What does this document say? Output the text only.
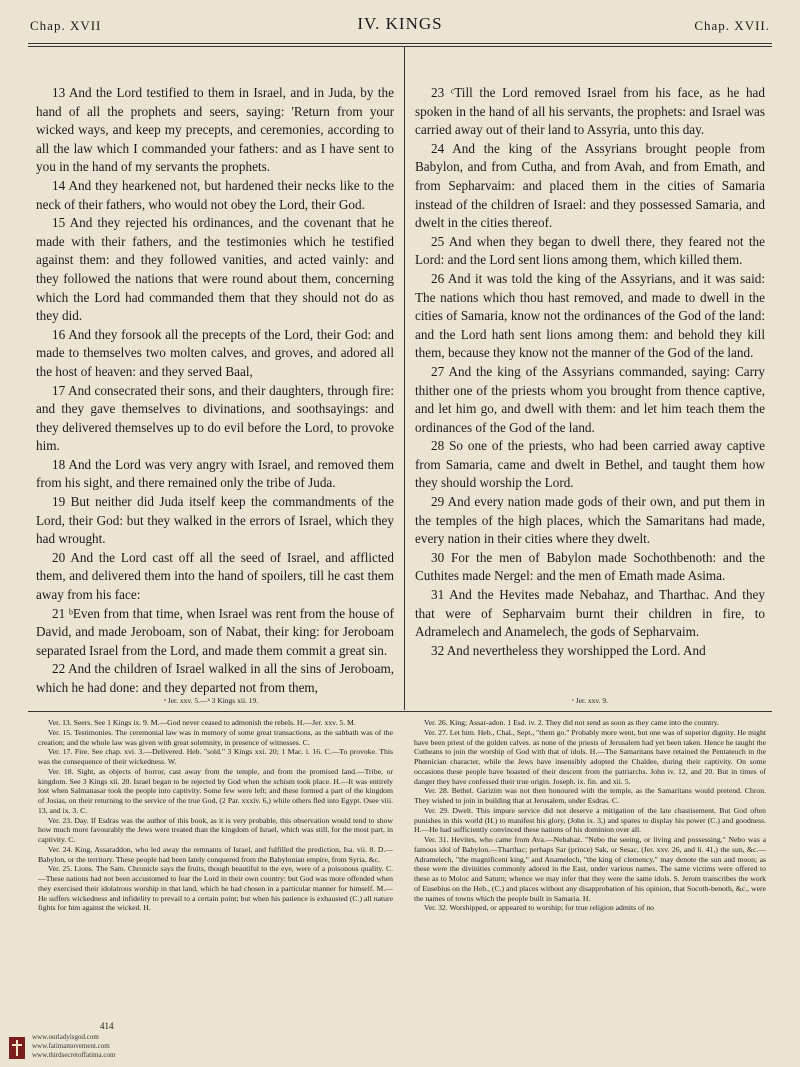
Chap. XVII	IV. KINGS	Chap. XVII.

13 And the Lord testified to them in Israel, and in Juda, by the hand of all the prophets and seers, saying: 'Return from your wicked ways, and keep my precepts, and ceremonies, according to all the law which I commanded your fathers: and as I have sent to you in the hand of my servants the prophets.

14 And they hearkened not, but hardened their necks like to the neck of their fathers, who would not obey the Lord, their God.

15 And they rejected his ordinances, and the covenant that he made with their fathers, and the testimonies which he testified against them: and they followed vanities, and acted vainly: and they followed the nations that were round about them, concerning which the Lord had commanded them that they should not do as they did.

16 And they forsook all the precepts of the Lord, their God: and made to themselves two molten calves, and groves, and adored all the host of heaven: and they served Baal,

17 And consecrated their sons, and their daughters, through fire: and they gave themselves to divinations, and soothsayings: and they delivered themselves up to do evil before the Lord, to provoke him.

18 And the Lord was very angry with Israel, and removed them from his sight, and there remained only the tribe of Juda.

19 But neither did Juda itself keep the commandments of the Lord, their God: but they walked in the errors of Israel, which they had wrought.

20 And the Lord cast off all the seed of Israel, and afflicted them, and delivered them into the hand of spoilers, till he cast them away from his face:

21 ᵇEven from that time, when Israel was rent from the house of David, and made Jeroboam, son of Nabat, their king: for Jeroboam separated Israel from the Lord, and made them commit a great sin.

22 And the children of Israel walked in all the sins of Jeroboam, which he had done: and they departed not from them,

23 ᶜTill the Lord removed Israel from his face, as he had spoken in the hand of all his servants, the prophets: and Israel was carried away out of their land to Assyria, unto this day.

24 And the king of the Assyrians brought people from Babylon, and from Cutha, and from Avah, and from Emath, and from Sepharvaim: and placed them in the cities of Samaria instead of the children of Israel: and they possessed Samaria, and dwelt in the cities thereof.

25 And when they began to dwell there, they feared not the Lord: and the Lord sent lions among them, which killed them.

26 And it was told the king of the Assyrians, and it was said: The nations which thou hast removed, and made to dwell in the cities of Samaria, know not the ordinances of the God of the land: and the Lord hath sent lions among them: and behold they kill them, because they know not the manner of the God of the land.

27 And the king of the Assyrians commanded, saying: Carry thither one of the priests whom you brought from thence captive, and let him go, and dwell with them: and let him teach them the ordinances of the God of the land.

28 So one of the priests, who had been carried away captive from Samaria, came and dwelt in Bethel, and taught them how they should worship the Lord.

29 And every nation made gods of their own, and put them in the temples of the high places, which the Samaritans had made, every nation in their cities where they dwelt.

30 For the men of Babylon made Sochothbenoth: and the Cuthites made Nergel: and the men of Emath made Asima.

31 And the Hevites made Nebahaz, and Tharthac. And they that were of Sepharvaim burnt their children in fire, to Adramelech and Anamelech, the gods of Sepharvaim.

32 And nevertheless they worshipped the Lord. And

ᵃ Jer. xxv. 5.—ᵇ 3 Kings xii. 19.	ᶜ Jer. xxv. 9.

Ver. 13. Seers. See 1 Kings ix. 9. M.—God never ceased to admonish the rebels. H.—Jer. xxv. 5. M.

Ver. 15. Testimonies. The ceremonial law was in memory of some great transactions, as the sabbath was of the creation; and the whole law was given with great solemnity, in presence of witnesses. C.

Ver. 17. Fire. See chap. xvi. 3.—Delivered. Heb. "sold." 3 Kings xxi. 20; 1 Mac. i. 16. C.—To provoke. This was the consequence of their wickedness. W.

Ver. 18. Sight, as objects of horror, cast away from the temple, and from the promised land.—Tribe, or kingdom. See 3 Kings xii. 20. Israel began to be rejected by God when the schism took place. H.—It was entirely lost when Salmanasar took the people into captivity. Some few were left; and these formed a part of the kingdom of Josias, on their returning to the service of the true God, (2 Par. xxxiv. 6,) while others fled into Egypt. Osee viii. 13, and ix. 3. C.

Ver. 23. Day. If Esdras was the author of this book, as it is very probable, this observation would tend to show how much more favourably the Jews were treated than the kingdom of Israel, which was still, for the most part, in captivity. C.

Ver. 24. King, Assaraddon, who led away the remnants of Israel, and fulfilled the prediction, Isa. vii. 8. D.—Babylon, or the territory. These people had been lately conquered from the Babylonian empire, from Syria, &c.

Ver. 25. Lions. The Sam. Chronicle says the fruits, though beautiful to the eye, were of a poisonous quality. C.—These nations had not been accustomed to fear the Lord in their own country: but God was more offended when they exercised their idolatrous worship in that land, which he had chosen in a particular manner for himself. M.—He suffers wickedness and infidelity to prevail to a certain point; but when his patience is exhausted (C.) all nature fights for him against the wicked. H.

Ver. 26. King; Assar-adon. 1 Esd. iv. 2. They did not send as soon as they came into the country.

Ver. 27. Let him. Heb., Chal., Sept., "them go." Probably more went, but one was of superior dignity. He might have been priest of the golden calves. as none of the priests of Jerusalem had yet been taken. Hence he taught the Cutheans to join the worship of God with that of idols. H.—The Samaritans have retained the Pentateuch in the Phœnician character, while the Jews have insensibly adopted the Chaldee, during their captivity. On some occasions these people have boasted of their descent from the patriarchs. John iv. 12, and 20. But in times of danger they have confessed their true origin. Joseph. ix. fin. and xii. 5.

Ver. 28. Bethel. Garizim was not then honoured with the temple, as the Samaritans would pretend. Chron. They wished to join in building that at Jerusalem, under Esdras. C.

Ver. 29. Dwelt. This impure service did not deserve a mitigation of the late chastisement. But God often punishes in this world (H.) to manifest his glory, (John ix. 3,) and spares to display his power (C.) and goodness. H.—He had sufficiently convinced these nations of his dominion over all.

Ver. 31. Hevites, who came from Ava.—Nebahaz. "Nebo the seeing, or living and possessing." Nebo was a famous idol of Babylon.—Tharthac; perhaps Sar (prince) Sak, or Sesac, (Jer. xxv. 26, and li. 41,) the sun, &c.—Adramelech, "the magnificent king," and Anamelech, "the king of clemency," may denote the sun and moon; as these were the divinities commonly adored in the East, under various names. The same victims were offered to these as to Moloc and Saturn; whence we may infer that they were the same idols. S. Jerom transcribes the work of Eusebius on the Heb., (C.) and places without any disapprobation of his opinion, that Socoth-benoth, &c., were the names of towns which the people built in Samaria. H.

Ver. 32. Worshipped, or appeared to worship; for true religion admits of no

414
www.ourladyisgod.com
www.fatimamovement.com
www.thirdsecretoffatima.com
